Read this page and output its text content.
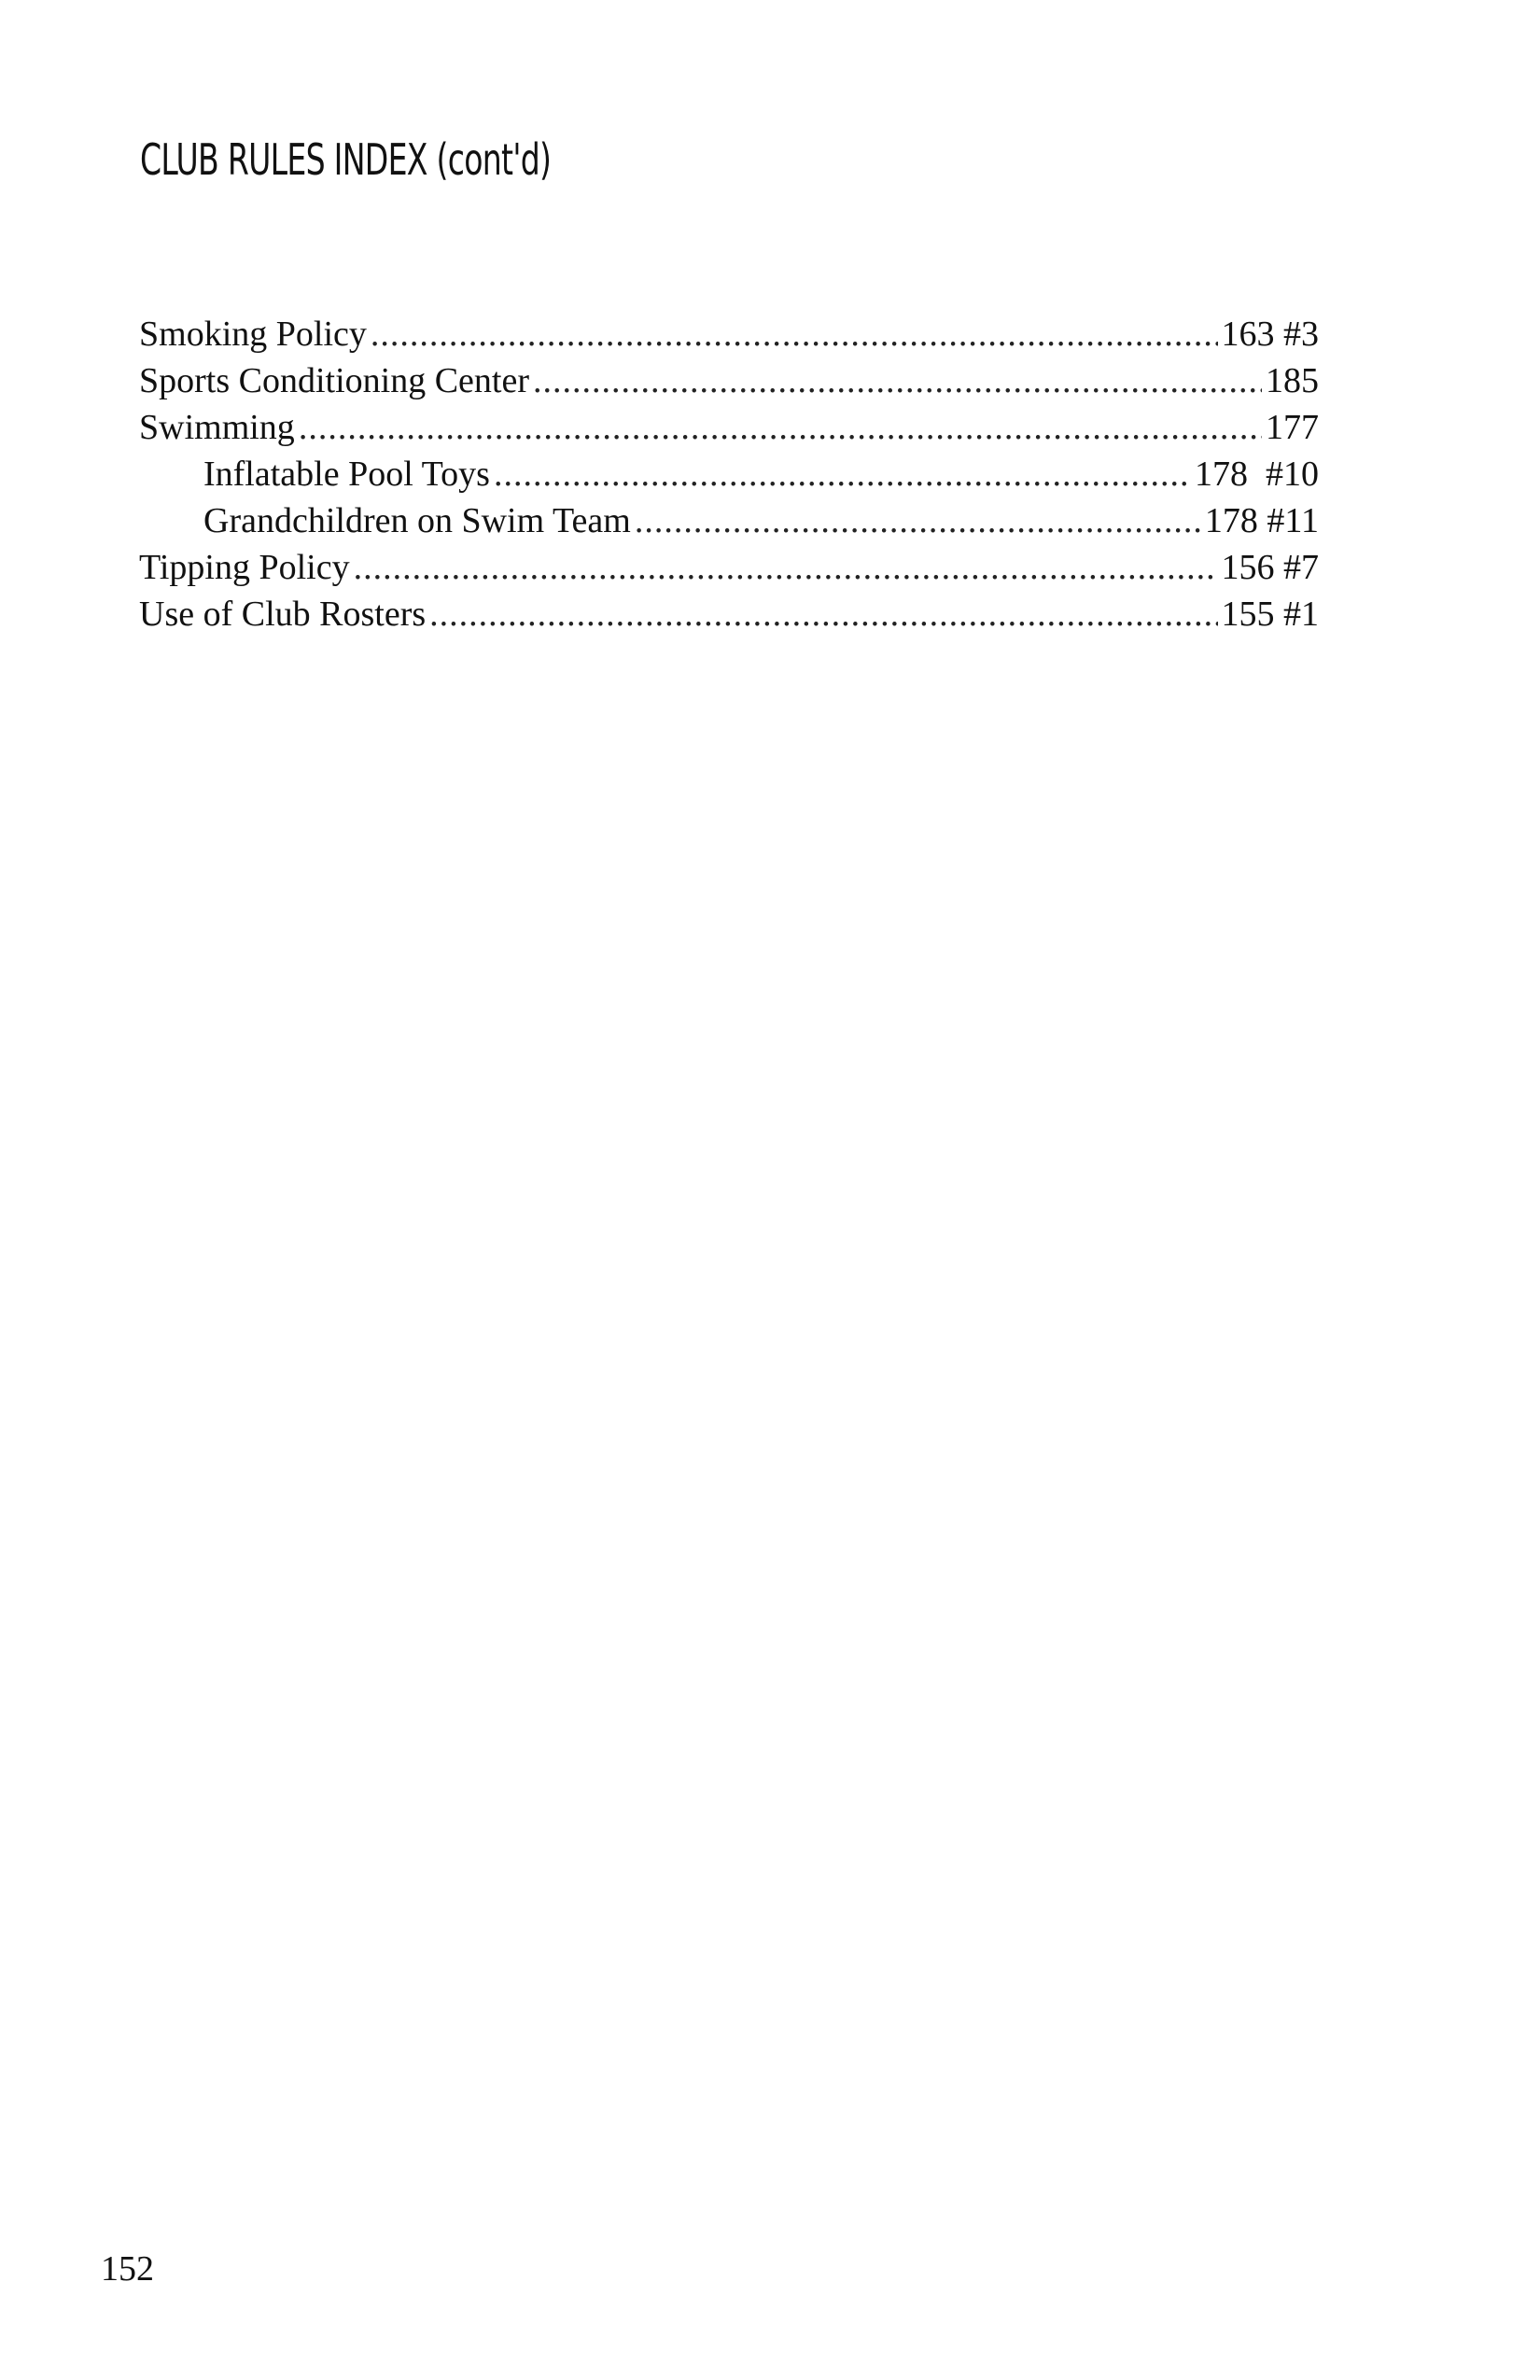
CLUB RULES INDEX (cont'd)
Smoking Policy .....	163 #3
Sports Conditioning Center .....	185
Swimming .....	177
Inflatable Pool Toys .....	178  #10
Grandchildren on Swim Team .....	178 #11
Tipping Policy .....	156 #7
Use of Club Rosters .....	155 #1
152
